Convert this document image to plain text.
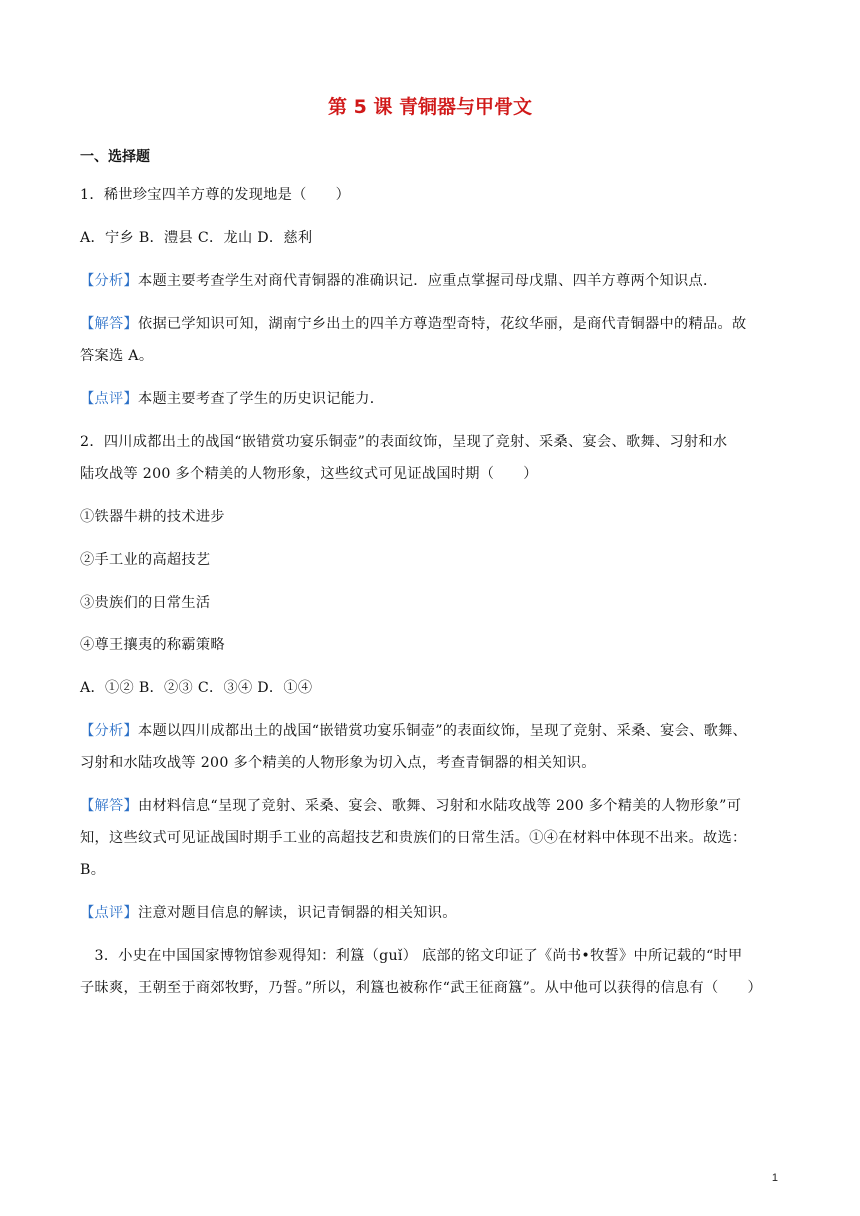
第 5 课 青铜器与甲骨文
一、选择题
1．稀世珍宝四羊方尊的发现地是（　　）
A．宁乡 B．澧县 C．龙山 D．慈利
【分析】本题主要考查学生对商代青铜器的准确识记．应重点掌握司母戊鼎、四羊方尊两个知识点．
【解答】依据已学知识可知，湖南宁乡出土的四羊方尊造型奇特，花纹华丽，是商代青铜器中的精品。故
答案选 A。
【点评】本题主要考查了学生的历史识记能力．
2．四川成都出土的战国“嵌错赏功宴乐铜壶”的表面纹饰，呈现了竞射、采桑、宴会、歌舞、习射和水
陆攻战等 200 多个精美的人物形象，这些纹式可见证战国时期（　　）
①铁器牛耕的技术进步
②手工业的高超技艺
③贵族们的日常生活
④尊王攘夷的称霸策略
A．①② B．②③ C．③④ D．①④
【分析】本题以四川成都出土的战国“嵌错赏功宴乐铜壶”的表面纹饰，呈现了竞射、采桑、宴会、歌舞、
习射和水陆攻战等 200 多个精美的人物形象为切入点，考查青铜器的相关知识。
【解答】由材料信息“呈现了竞射、采桑、宴会、歌舞、习射和水陆攻战等 200 多个精美的人物形象”可
知，这些纹式可见证战国时期手工业的高超技艺和贵族们的日常生活。①④在材料中体现不出来。故选：
B。
【点评】注意对题目信息的解读，识记青铜器的相关知识。
　3．小史在中国国家博物馆参观得知：利簋（guǐ） 底部的铭文印证了《尚书•牧誓》中所记载的“时甲
子昧爽，王朝至于商郊牧野，乃誓。”所以，利簋也被称作“武王征商簋”。从中他可以获得的信息有（　　）
1
